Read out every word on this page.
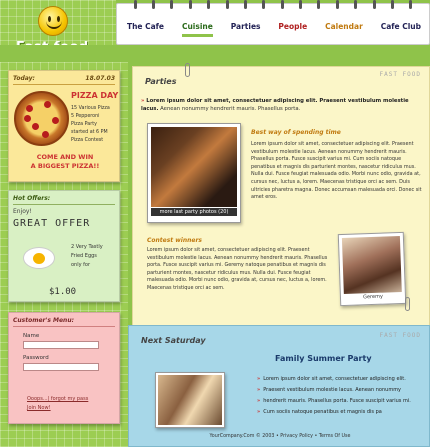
The Cafe Cuisine Parties People Calendar Cafe Club
Today:	18.07.03
PIZZA DAY
15 Various Pizza
5 Pepperoni
Pizza Party
started at 6 PM
Pizza Contest
COME AND WIN
A BIGGEST PIZZA!!
Hot Offers:
Enjoy!
GREAT OFFER
2 Very Tastly
Fried Eggs
only for
$1.00
Customer's Menu:
Name
Password
Ooops...| forgot my pass
Join Now!
FAST FOOD
Parties
» Lorem ipsum dolor sit amet, consectetuer adipiscing elit. Praesent vestibulum molestie lacus. Aenean nonummy hendrerit mauris. Phasellus porta.
more last party photos (20)
Best way of spending time
Lorem ipsum dolor sit amet, consectetuer adipiscing elit. Praesent vestibulum molestie lacus. Aenean nonummy hendrerit mauris. Phasellus porta. Fusce suscipit varius mi. Cum sociis natoque penatibus et magnis dis parturient montes, nascetur ridiculus mus. Nulla dui. Fusce feugiat malesuada odio. Morbi nunc odio, gravida at, cursus nec, luctus a, lorem. Maecenas tristique orci ac sem. Duis ultricies pharetra magna. Donec accumsan malesuada orci. Donec sit amet eros.
Contest winners
Lorem ipsum dolor sit amet, consectetuer adipiscing elit. Praesent vestibulum molestie lacus. Aenean nonummy hendrerit mauris. Phasellus porta. Fusce suscipit varius mi. Geremy natoque penatibus et magnis dis parturient montes, nascetur ridiculus mus. Nulla dui. Fusce feugiat malesuada odio. Morbi nunc odio, gravida at, cursus nec, luctus a, lorem. Maecenas tristique orci ac sem.
Geremy
FAST FOOD
Next Saturday
Family Summer Party
» Lorem ipsum dolor sit amet, consectetuer adipiscing elit.
» Praesent vestibulum molestie lacus. Aenean nonummy
» hendrerit mauris. Phasellus porta. Fusce suscipit varius mi.
» Cum sociis natoque penatibus et magnis dis pa
YourCompany.Com © 2003 • Privacy Policy • Terms Of Use
